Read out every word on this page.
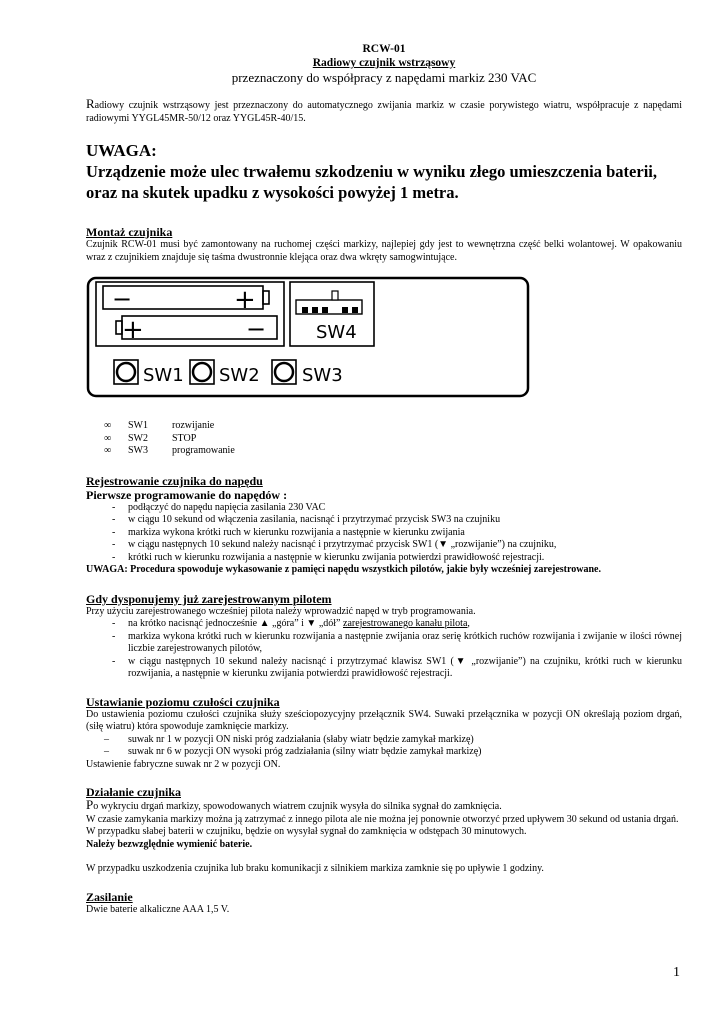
RCW-01
Radiowy czujnik wstrząsowy
przeznaczony do współpracy z napędami markiz 230 VAC

Radiowy czujnik wstrząsowy jest przeznaczony do automatycznego zwijania markiz w czasie porywistego wiatru, współpracuje z napędami radiowymi YYGL45MR-50/12 oraz YYGL45R-40/15.

UWAGA:

Urządzenie może ulec trwałemu szkodzeniu w wyniku złego umieszczenia baterii, oraz na skutek upadku z wysokości powyżej 1 metra.

Montaż czujnika

Czujnik RCW-01 musi być zamontowany na ruchomej części markizy, najlepiej gdy jest to wewnętrzna część belki wolantowej. W opakowaniu wraz z czujnikiem znajduje się taśma dwustronnie klejąca oraz dwa wkręty samogwintujące.

∞	SW1	rozwijanie
∞	SW2	STOP
∞	SW3	programowanie

Rejestrowanie czujnika do napędu

Pierwsze programowanie do napędów :

- podłączyć do napędu napięcia zasilania 230 VAC
- w ciągu 10 sekund od włączenia zasilania, nacisnąć i przytrzymać przycisk SW3 na czujniku
- markiza wykona krótki ruch w kierunku rozwijania a następnie w kierunku zwijania
- w ciągu następnych 10 sekund należy nacisnąć i przytrzymać przycisk SW1 (▼ „rozwijanie”) na czujniku,
- krótki ruch w kierunku rozwijania a następnie w kierunku zwijania potwierdzi prawidłowość rejestracji.

UWAGA: Procedura spowoduje wykasowanie z pamięci napędu wszystkich pilotów, jakie były wcześniej zarejestrowane.

Gdy dysponujemy już zarejestrowanym pilotem

Przy użyciu zarejestrowanego wcześniej pilota należy wprowadzić napęd w tryb programowania.

- na krótko nacisnąć jednocześnie ▲ „góra” i ▼ „dół” zarejestrowanego kanału pilota,
- markiza wykona krótki ruch w kierunku rozwijania a następnie zwijania oraz serię krótkich ruchów rozwijania i zwijanie w ilości równej liczbie zarejestrowanych pilotów,
- w ciągu następnych 10 sekund należy nacisnąć i przytrzymać klawisz SW1 (▼ „rozwijanie”) na czujniku, krótki ruch w kierunku rozwijania, a następnie w kierunku zwijania potwierdzi prawidłowość rejestracji.

Ustawianie poziomu czułości czujnika

Do ustawienia poziomu czułości czujnika służy sześciopozycyjny przełącznik SW4. Suwaki przełącznika w pozycji ON określają poziom drgań, (siłę wiatru) która spowoduje zamknięcie markizy.

– suwak nr 1 w pozycji ON niski próg zadziałania (słaby wiatr będzie zamykał markizę)
– suwak nr 6 w pozycji ON wysoki próg zadziałania (silny wiatr będzie zamykał markizę)

Ustawienie fabryczne suwak nr 2 w pozycji ON.

Działanie czujnika

Po wykryciu drgań markizy, spowodowanych wiatrem czujnik wysyła do silnika sygnał do zamknięcia.

W czasie zamykania markizy można ją zatrzymać z innego pilota ale nie można jej ponownie otworzyć przed upływem 30 sekund od ustania drgań.

W przypadku słabej baterii w czujniku, będzie on wysyłał sygnał do zamknięcia w odstępach 30 minutowych.

Należy bezwzględnie wymienić baterie.

W przypadku uszkodzenia czujnika lub braku komunikacji z silnikiem markiza zamknie się po upływie 1 godziny.

Zasilanie

Dwie baterie alkaliczne AAA 1,5 V.

−	+
+	−	SW4
SW1 SW2 SW3
1
